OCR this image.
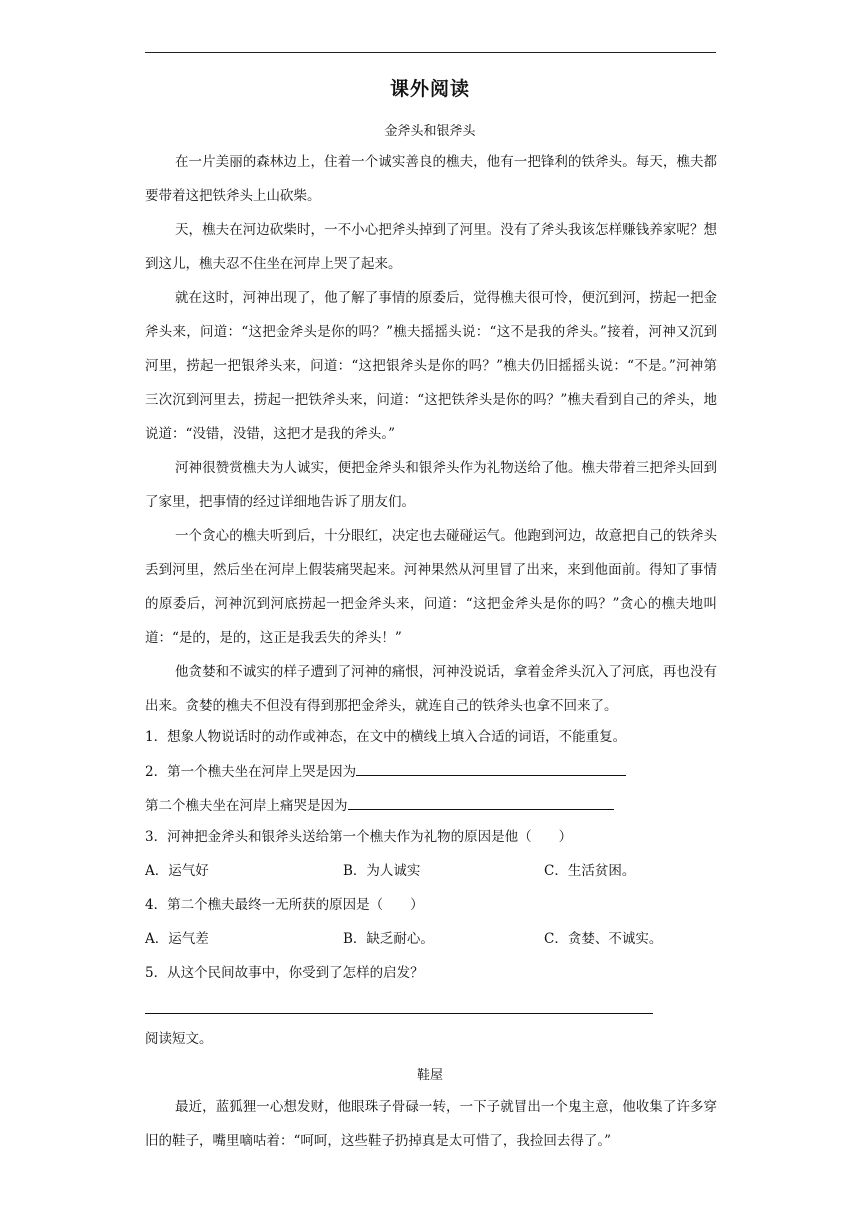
课外阅读
金斧头和银斧头
在一片美丽的森林边上，住着一个诚实善良的樵夫，他有一把锋利的铁斧头。每天，樵夫都要带着这把铁斧头上山砍柴。
天，樵夫在河边砍柴时，一不小心把斧头掉到了河里。没有了斧头我该怎样赚钱养家呢？想到这儿，樵夫忍不住坐在河岸上哭了起来。
就在这时，河神出现了，他了解了事情的原委后，觉得樵夫很可怜，便沉到河，捞起一把金斧头来，问道：“这把金斧头是你的吗？”樵夫摇摇头说：“这不是我的斧头。”接着，河神又沉到河里，捞起一把银斧头来，问道：“这把银斧头是你的吗？”樵夫仍旧摇摇头说：“不是。”河神第三次沉到河里去，捞起一把铁斧头来，问道：“这把铁斧头是你的吗？”樵夫看到自己的斧头，地说道：“没错，没错，这把才是我的斧头。”
河神很赞赏樵夫为人诚实，便把金斧头和银斧头作为礼物送给了他。樵夫带着三把斧头回到了家里，把事情的经过详细地告诉了朋友们。
一个贪心的樵夫听到后，十分眼红，决定也去碰碰运气。他跑到河边，故意把自己的铁斧头丢到河里，然后坐在河岸上假装痛哭起来。河神果然从河里冒了出来，来到他面前。得知了事情的原委后，河神沉到河底捞起一把金斧头来，问道：“这把金斧头是你的吗？”贪心的樵夫地叫道：“是的，是的，这正是我丢失的斧头！”
他贪婪和不诚实的样子遭到了河神的痛恨，河神没说话，拿着金斧头沉入了河底，再也没有出来。贪婪的樵夫不但没有得到那把金斧头，就连自己的铁斧头也拿不回来了。
1．想象人物说话时的动作或神态，在文中的横线上填入合适的词语，不能重复。
2．第一个樵夫坐在河岸上哭是因为
第二个樵夫坐在河岸上痛哭是因为
3．河神把金斧头和银斧头送给第一个樵夫作为礼物的原因是他（　　）
A．运气好	B．为人诚实	C．生活贫困。
4．第二个樵夫最终一无所获的原因是（　　）
A．运气差	B．缺乏耐心。	C．贪婪、不诚实。
5．从这个民间故事中，你受到了怎样的启发？
阅读短文。
鞋屋
最近，蓝狐狸一心想发财，他眼珠子骨碌一转，一下子就冒出一个鬼主意，他收集了许多穿旧的鞋子，嘴里嘀咕着：“呵呵，这些鞋子扔掉真是太可惜了，我捡回去得了。”
